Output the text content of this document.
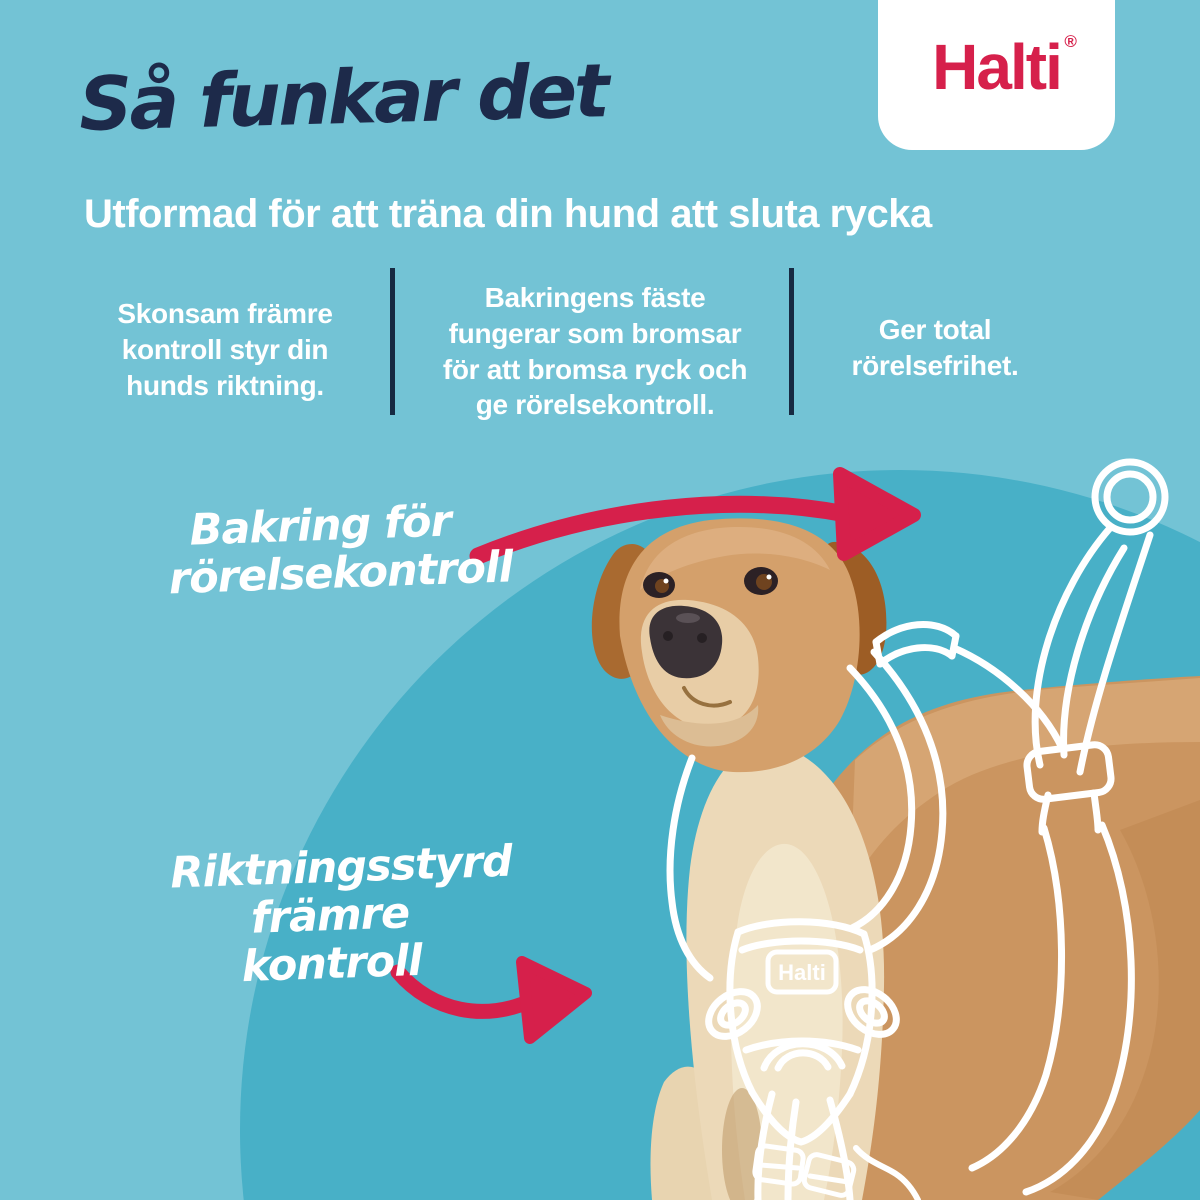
Halti
Så funkar det	Halti ®
Utformad för att träna din hund att sluta rycka
Skonsam främre kontroll styr din hunds riktning.
Bakringens fäste fungerar som bromsar för att bromsa ryck och ge rörelsekontroll.
Ger total rörelsefrihet.
Bakring för
rörelsekontroll
Riktningsstyrd
främre kontroll
